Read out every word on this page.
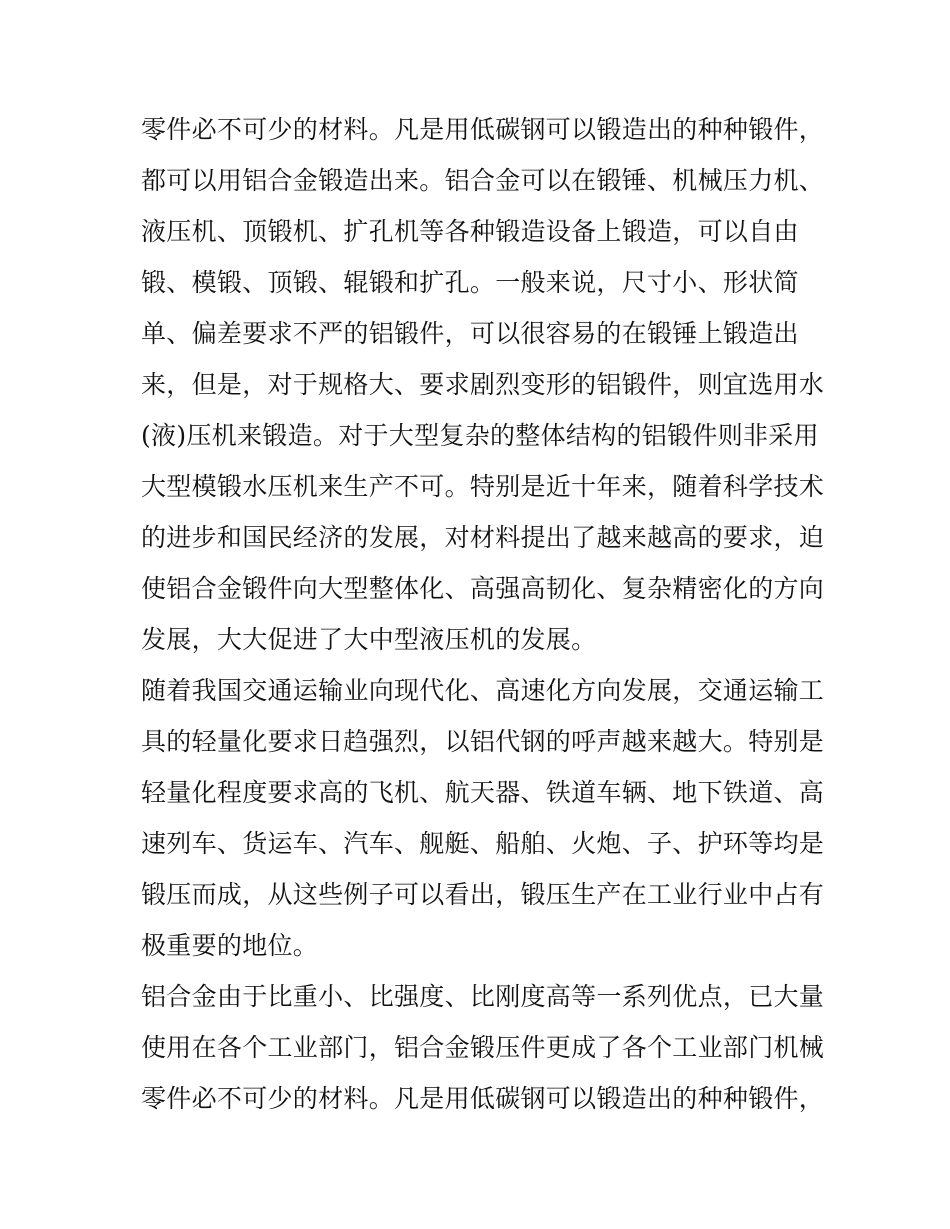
零件必不可少的材料。凡是用低碳钢可以锻造出的种种锻件，
都可以用铝合金锻造出来。铝合金可以在锻锤、机械压力机、
液压机、顶锻机、扩孔机等各种锻造设备上锻造，可以自由
锻、模锻、顶锻、辊锻和扩孔。一般来说，尺寸小、形状简
单、偏差要求不严的铝锻件，可以很容易的在锻锤上锻造出
来，但是，对于规格大、要求剧烈变形的铝锻件，则宜选用水
(液)压机来锻造。对于大型复杂的整体结构的铝锻件则非采用
大型模锻水压机来生产不可。特别是近十年来，随着科学技术
的进步和国民经济的发展，对材料提出了越来越高的要求，迫
使铝合金锻件向大型整体化、高强高韧化、复杂精密化的方向
发展，大大促进了大中型液压机的发展。
随着我国交通运输业向现代化、高速化方向发展，交通运输工
具的轻量化要求日趋强烈，以铝代钢的呼声越来越大。特别是
轻量化程度要求高的飞机、航天器、铁道车辆、地下铁道、高
速列车、货运车、汽车、舰艇、船舶、火炮、子、护环等均是
锻压而成，从这些例子可以看出，锻压生产在工业行业中占有
极重要的地位。
铝合金由于比重小、比强度、比刚度高等一系列优点，已大量
使用在各个工业部门，铝合金锻压件更成了各个工业部门机械
零件必不可少的材料。凡是用低碳钢可以锻造出的种种锻件，
